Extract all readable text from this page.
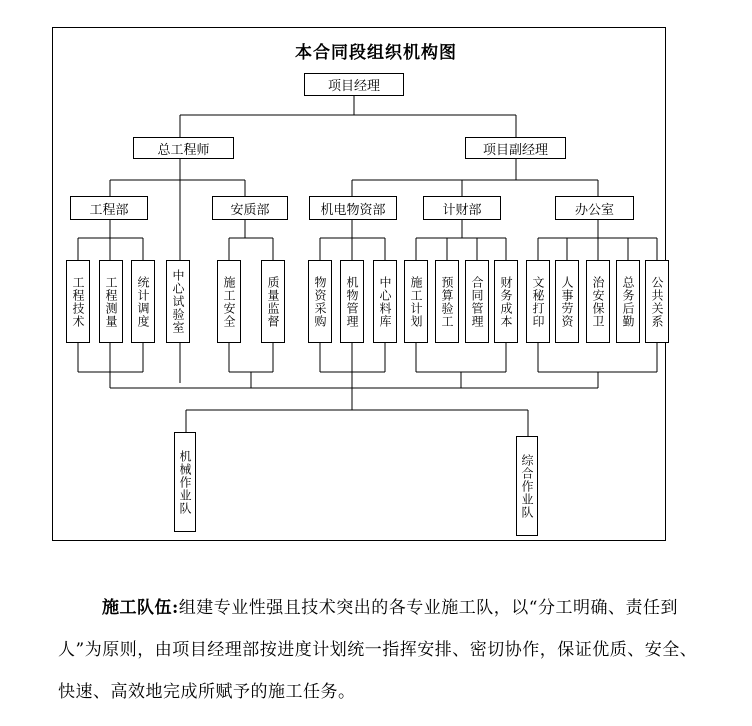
本合同段组织机构图
项目经理
总工程师	项目副经理
工程部	安质部	机电物资部	计财部	办公室
工程技术 工程测量 统计调度 中心试验室	施工安全	质量监督	物资采购 机物管理 中心料库 施工计划 预算验工 合同管理 财务成本 文秘打印 人事劳资 治安保卫 总务后勤 公共关系
机械作业队	综合作业队
施工队伍:组建专业性强且技术突出的各专业施工队，以“分工明确、责任到人”为原则，由项目经理部按进度计划统一指挥安排、密切协作，保证优质、安全、快速、高效地完成所赋予的施工任务。
